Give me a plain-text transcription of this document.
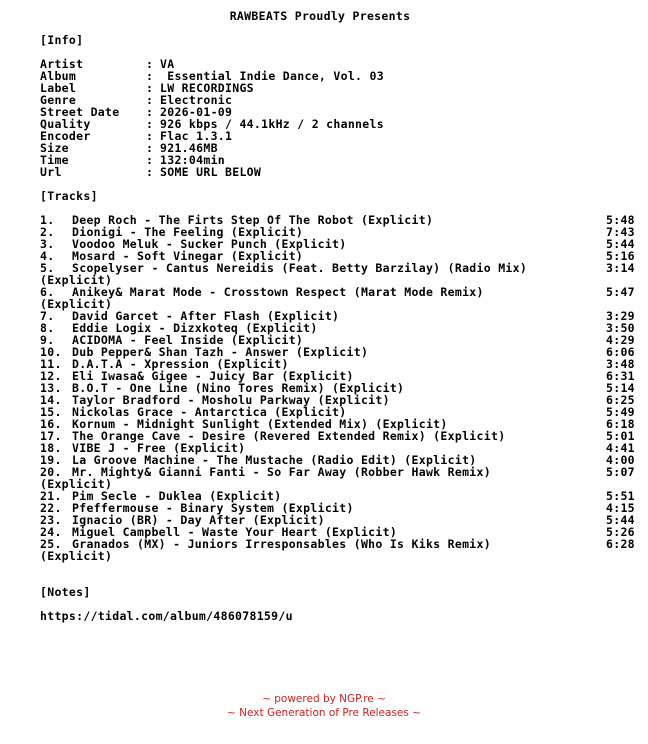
RAWBEATS Proudly Presents
[Info]
Artist	: VA
Album	: Essential Indie Dance, Vol. 03
Label	: LW RECORDINGS
Genre	: Electronic
Street Date	: 2026-01-09
Quality	: 926 kbps / 44.1kHz / 2 channels
Encoder	: Flac 1.3.1
Size	: 921.46MB
Time	: 132:04min
Url	: SOME URL BELOW
[Tracks]
1.	Deep Roch - The Firts Step Of The Robot (Explicit)	5:48
2.	Dionigi - The Feeling (Explicit)	7:43
3.	Voodoo Meluk - Sucker Punch (Explicit)	5:44
4.	Mosard - Soft Vinegar (Explicit)	5:16
5.	Scopelyser - Cantus Nereidis (Feat. Betty Barzilay) (Radio Mix)	3:14
(Explicit)
6.	Anikey& Marat Mode - Crosstown Respect (Marat Mode Remix)	5:47
(Explicit)
7.	David Garcet - After Flash (Explicit)	3:29
8.	Eddie Logix - Dizxkoteq (Explicit)	3:50
9.	ACIDOMA - Feel Inside (Explicit)	4:29
10. Dub Pepper& Shan Tazh - Answer (Explicit)	6:06
11. D.A.T.A - Xpression (Explicit)	3:48
12. Eli Iwasa& Gigee - Juicy Bar (Explicit)	6:31
13. B.O.T - One Line (Nino Tores Remix) (Explicit)	5:14
14. Taylor Bradford - Mosholu Parkway (Explicit)	6:25
15. Nickolas Grace - Antarctica (Explicit)	5:49
16. Kornum - Midnight Sunlight (Extended Mix) (Explicit)	6:18
17. The Orange Cave - Desire (Revered Extended Remix) (Explicit)	5:01
18. VIBE J - Free (Explicit)	4:41
19. La Groove Machine - The Mustache (Radio Edit) (Explicit)	4:00
20. Mr. Mighty& Gianni Fanti - So Far Away (Robber Hawk Remix)	5:07
(Explicit)
21. Pim Secle - Duklea (Explicit)	5:51
22. Pfeffermouse - Binary System (Explicit)	4:15
23. Ignacio (BR) - Day After (Explicit)	5:44
24. Miguel Campbell - Waste Your Heart (Explicit)	5:26
25. Granados (MX) - Juniors Irresponsables (Who Is Kiks Remix)	6:28
(Explicit)
[Notes]
https://tidal.com/album/486078159/u
~ powered by NGP.re ~
~ Next Generation of Pre Releases ~
